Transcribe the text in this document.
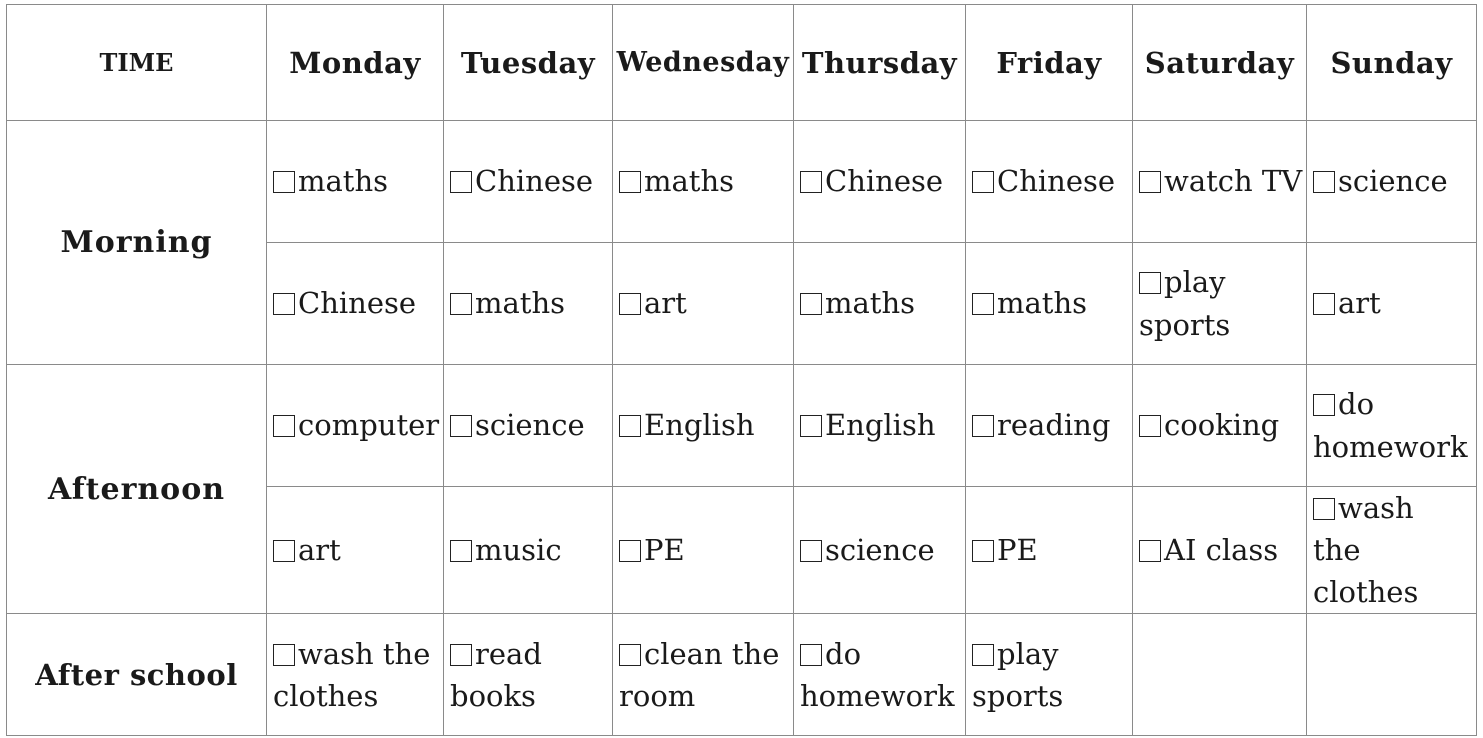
TIME	Monday	Tuesday	Wednesday	Thursday	Friday	Saturday	Sunday
Morning	maths	Chinese	maths	Chinese	Chinese	watch TV	science
	Chinese	maths	art	maths	maths	play sports	art
Afternoon	computer	science	English	English	reading	cooking	do homework
	art	music	PE	science	PE	AI class	wash the clothes
After school	wash the clothes	read books	clean the room	do homework	play sports		
